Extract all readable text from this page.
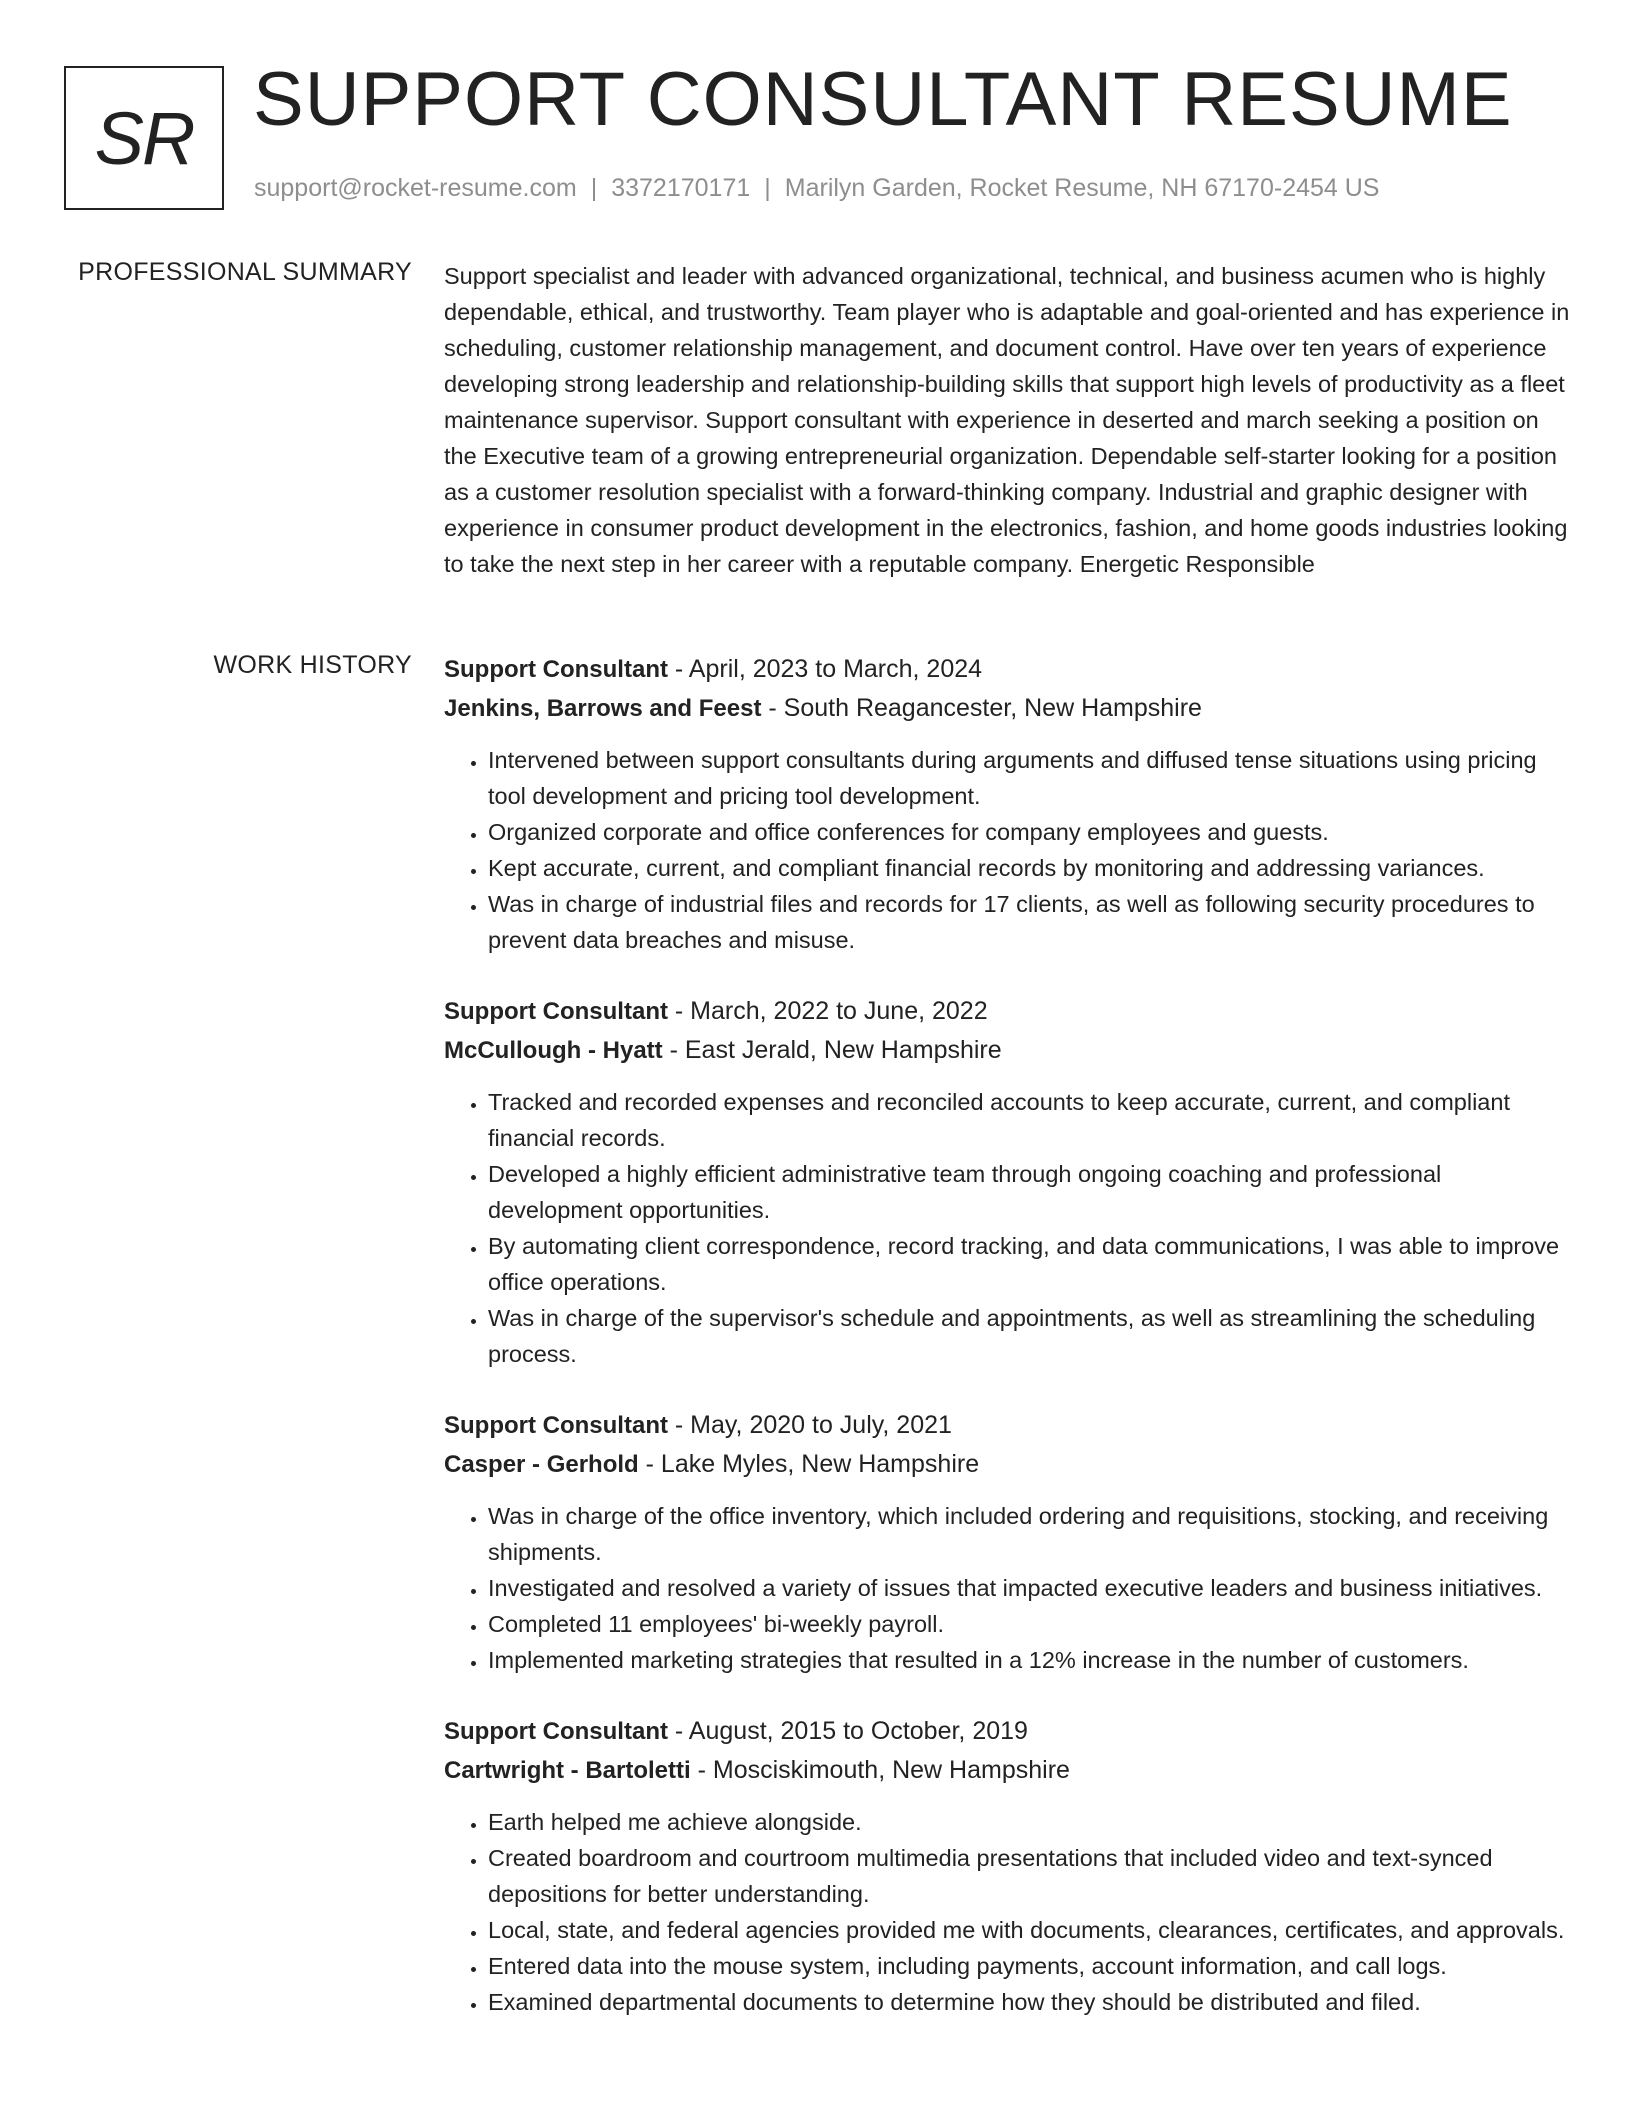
SR SUPPORT CONSULTANT RESUME
support@rocket-resume.com | 3372170171 | Marilyn Garden, Rocket Resume, NH 67170-2454 US
PROFESSIONAL SUMMARY Support specialist and leader with advanced organizational, technical, and business acumen who is highly dependable, ethical, and trustworthy. Team player who is adaptable and goal-oriented and has experience in scheduling, customer relationship management, and document control. Have over ten years of experience developing strong leadership and relationship-building skills that support high levels of productivity as a fleet maintenance supervisor. Support consultant with experience in deserted and march seeking a position on the Executive team of a growing entrepreneurial organization. Dependable self-starter looking for a position as a customer resolution specialist with a forward-thinking company. Industrial and graphic designer with experience in consumer product development in the electronics, fashion, and home goods industries looking to take the next step in her career with a reputable company. Energetic Responsible

WORK HISTORY Support Consultant - April, 2023 to March, 2024
Jenkins, Barrows and Feest - South Reagancester, New Hampshire
• Intervened between support consultants during arguments and diffused tense situations using pricing tool development and pricing tool development.
• Organized corporate and office conferences for company employees and guests.
• Kept accurate, current, and compliant financial records by monitoring and addressing variances.
• Was in charge of industrial files and records for 17 clients, as well as following security procedures to prevent data breaches and misuse.
Support Consultant - March, 2022 to June, 2022
McCullough - Hyatt - East Jerald, New Hampshire
• Tracked and recorded expenses and reconciled accounts to keep accurate, current, and compliant financial records.
• Developed a highly efficient administrative team through ongoing coaching and professional development opportunities.
• By automating client correspondence, record tracking, and data communications, I was able to improve office operations.
• Was in charge of the supervisor's schedule and appointments, as well as streamlining the scheduling process.
Support Consultant - May, 2020 to July, 2021
Casper - Gerhold - Lake Myles, New Hampshire
• Was in charge of the office inventory, which included ordering and requisitions, stocking, and receiving shipments.
• Investigated and resolved a variety of issues that impacted executive leaders and business initiatives.
• Completed 11 employees' bi-weekly payroll.
• Implemented marketing strategies that resulted in a 12% increase in the number of customers.
Support Consultant - August, 2015 to October, 2019
Cartwright - Bartoletti - Mosciskimouth, New Hampshire
• Earth helped me achieve alongside.
• Created boardroom and courtroom multimedia presentations that included video and text-synced depositions for better understanding.
• Local, state, and federal agencies provided me with documents, clearances, certificates, and approvals.
• Entered data into the mouse system, including payments, account information, and call logs.
• Examined departmental documents to determine how they should be distributed and filed.
